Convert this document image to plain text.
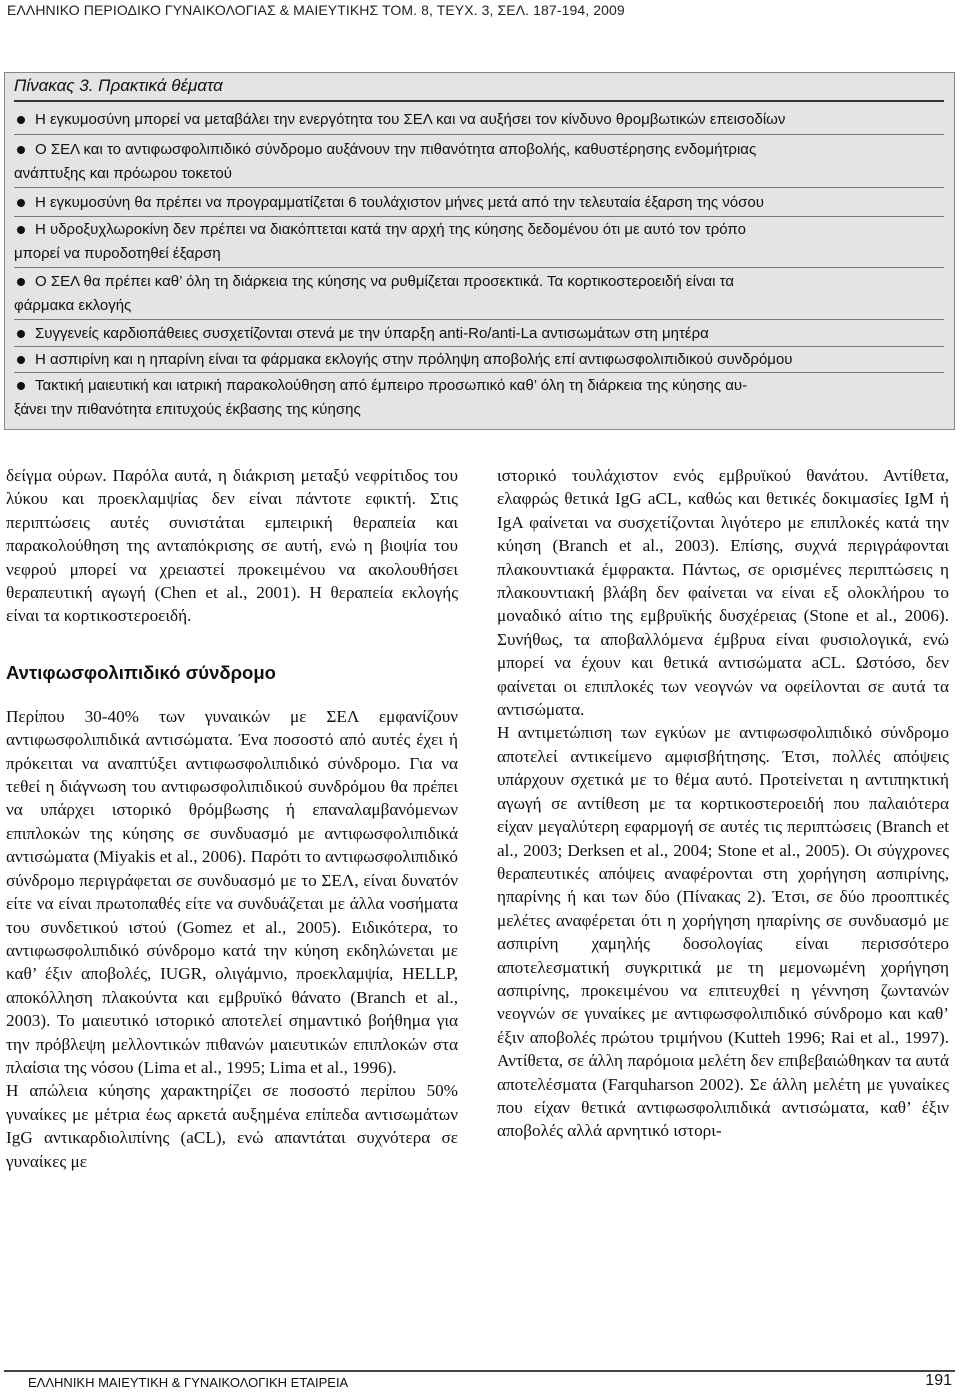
ΕΛΛΗΝΙΚΟ ΠΕΡΙΟΔΙΚΟ ΓΥΝΑΙΚΟΛΟΓΙΑΣ & ΜΑΙΕΥΤΙΚΗΣ ΤΟΜ. 8, ΤΕΥΧ. 3, ΣΕΛ. 187-194, 2009
Πίνακας 3. Πρακτικά θέματα
Η εγκυμοσύνη μπορεί να μεταβάλει την ενεργότητα του ΣΕΛ και να αυξήσει τον κίνδυνο θρομβωτικών επεισοδίων
Ο ΣΕΛ και το αντιφωσφολιπιδικό σύνδρομο αυξάνουν την πιθανότητα αποβολής, καθυστέρησης ενδομήτριας
ανάπτυξης και πρόωρου τοκετού
Η εγκυμοσύνη θα πρέπει να προγραμματίζεται 6 τουλάχιστον μήνες μετά από την τελευταία έξαρση της νόσου
Η υδροξυχλωροκίνη δεν πρέπει να διακόπτεται κατά την αρχή της κύησης δεδομένου ότι με αυτό τον τρόπο
μπορεί να πυροδοτηθεί έξαρση
Ο ΣΕΛ θα πρέπει καθ’ όλη τη διάρκεια της κύησης να ρυθμίζεται προσεκτικά. Τα κορτικοστεροειδή είναι τα
φάρμακα εκλογής
Συγγενείς καρδιοπάθειες συσχετίζονται στενά με την ύπαρξη anti-Ro/anti-La αντισωμάτων στη μητέρα
Η ασπιρίνη και η ηπαρίνη είναι τα φάρμακα εκλογής στην πρόληψη αποβολής επί αντιφωσφολιπιδικού συνδρόμου
Τακτική μαιευτική και ιατρική παρακολούθηση από έμπειρο προσωπικό καθ’ όλη τη διάρκεια της κύησης αυ-
ξάνει την πιθανότητα επιτυχούς έκβασης της κύησης

δείγμα ούρων. Παρόλα αυτά, η διάκριση μεταξύ νεφρίτιδος του λύκου και προεκλαμψίας δεν είναι πάντοτε εφικτή. Στις περιπτώσεις αυτές συνιστάται εμπειρική θεραπεία και παρακολούθηση της ανταπόκρισης σε αυτή, ενώ η βιοψία του νεφρού μπορεί να χρειαστεί προκειμένου να ακολουθήσει θεραπευτική αγωγή (Chen et al., 2001). Η θεραπεία εκλογής είναι τα κορτικοστεροειδή.

Αντιφωσφολιπιδικό σύνδρομο

Περίπου 30-40% των γυναικών με ΣΕΛ εμφανίζουν αντιφωσφολιπιδικά αντισώματα. Ένα ποσοστό από αυτές έχει ή πρόκειται να αναπτύξει αντιφωσφολιπιδικό σύνδρομο. Για να τεθεί η διάγνωση του αντιφωσφολιπιδικού συνδρόμου θα πρέπει να υπάρχει ιστορικό θρόμβωσης ή επαναλαμβανόμενων επιπλοκών της κύησης σε συνδυασμό με αντιφωσφολιπιδικά αντισώματα (Miyakis et al., 2006). Παρότι το αντιφωσφολιπιδικό σύνδρομο περιγράφεται σε συνδυασμό με το ΣΕΛ, είναι δυνατόν είτε να είναι πρωτοπαθές είτε να συνδυάζεται με άλλα νοσήματα του συνδετικού ιστού (Gomez et al., 2005). Ειδικότερα, το αντιφωσφολιπιδικό σύνδρομο κατά την κύηση εκδηλώνεται με καθ’ έξιν αποβολές, IUGR, ολιγάμνιο, προεκλαμψία, HELLP, αποκόλληση πλακούντα και εμβρυϊκό θάνατο (Branch et al., 2003). Το μαιευτικό ιστορικό αποτελεί σημαντικό βοήθημα για την πρόβλεψη μελλοντικών πιθανών μαιευτικών επιπλοκών στα πλαίσια της νόσου (Lima et al., 1995; Lima et al., 1996).

Η απώλεια κύησης χαρακτηρίζει σε ποσοστό περίπου 50% γυναίκες με μέτρια έως αρκετά αυξημένα επίπεδα αντισωμάτων IgG αντικαρδιολιπίνης (aCL), ενώ απαντάται συχνότερα σε γυναίκες με

ιστορικό τουλάχιστον ενός εμβρυϊκού θανάτου. Αντίθετα, ελαφρώς θετικά IgG aCL, καθώς και θετικές δοκιμασίες IgM ή IgA φαίνεται να συσχετίζονται λιγότερο με επιπλοκές κατά την κύηση (Branch et al., 2003). Επίσης, συχνά περιγράφονται πλακουντιακά έμφρακτα. Πάντως, σε ορισμένες περιπτώσεις η πλακουντιακή βλάβη δεν φαίνεται να είναι εξ ολοκλήρου το μοναδικό αίτιο της εμβρυϊκής δυσχέρειας (Stone et al., 2006). Συνήθως, τα αποβαλλόμενα έμβρυα είναι φυσιολογικά, ενώ μπορεί να έχουν και θετικά αντισώματα aCL. Ωστόσο, δεν φαίνεται οι επιπλοκές των νεογνών να οφείλονται σε αυτά τα αντισώματα.

Η αντιμετώπιση των εγκύων με αντιφωσφολιπιδικό σύνδρομο αποτελεί αντικείμενο αμφισβήτησης. Έτσι, πολλές απόψεις υπάρχουν σχετικά με το θέμα αυτό. Προτείνεται η αντιπηκτική αγωγή σε αντίθεση με τα κορτικοστεροειδή που παλαιότερα είχαν μεγαλύτερη εφαρμογή σε αυτές τις περιπτώσεις (Branch et al., 2003; Derksen et al., 2004; Stone et al., 2005). Οι σύγχρονες θεραπευτικές απόψεις αναφέρονται στη χορήγηση ασπιρίνης, ηπαρίνης ή και των δύο (Πίνακας 2). Έτσι, σε δύο προοπτικές μελέτες αναφέρεται ότι η χορήγηση ηπαρίνης σε συνδυασμό με ασπιρίνη χαμηλής δοσολογίας είναι περισσότερο αποτελεσματική συγκριτικά με τη μεμονωμένη χορήγηση ασπιρίνης, προκειμένου να επιτευχθεί η γέννηση ζωντανών νεογνών σε γυναίκες με αντιφωσφολιπιδικό σύνδρομο και καθ’ έξιν αποβολές πρώτου τριμήνου (Kutteh 1996; Rai et al., 1997). Αντίθετα, σε άλλη παρόμοια μελέτη δεν επιβεβαιώθηκαν τα αυτά αποτελέσματα (Farquharson 2002). Σε άλλη μελέτη με γυναίκες που είχαν θετικά αντιφωσφολιπιδικά αντισώματα, καθ’ έξιν αποβολές αλλά αρνητικό ιστορι-

ΕΛΛΗΝΙΚΗ ΜΑΙΕΥΤΙΚΗ & ΓΥΝΑΙΚΟΛΟΓΙΚΗ ΕΤΑΙΡΕΙΑ	191
